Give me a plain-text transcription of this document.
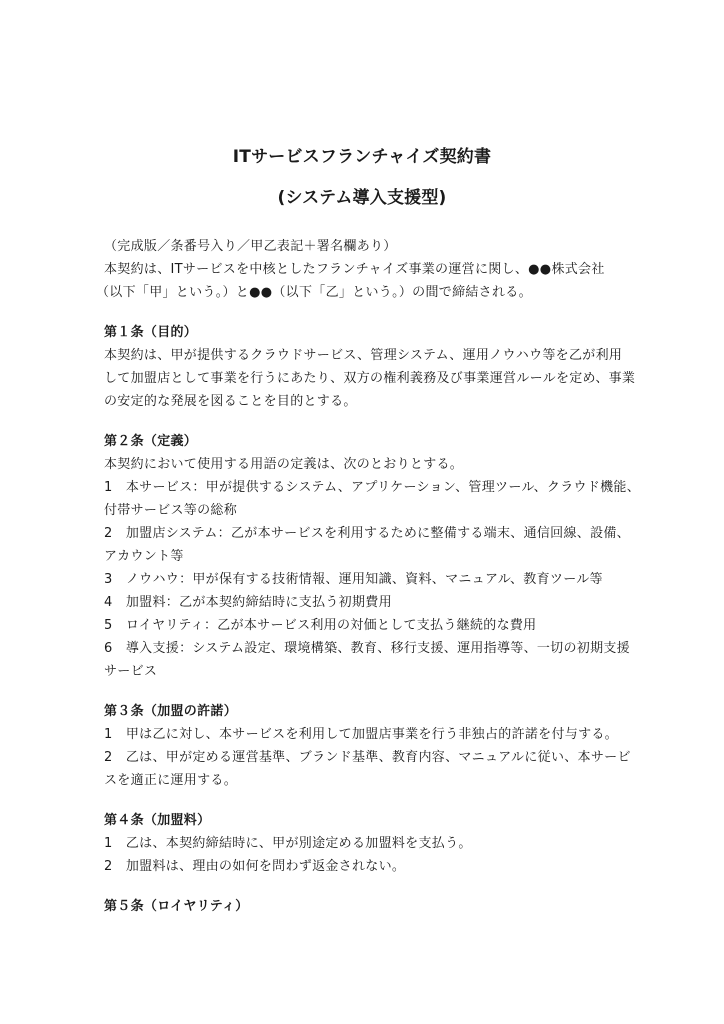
ITサービスフランチャイズ契約書
(システム導入支援型)
（完成版／条番号入り／甲乙表記＋署名欄あり）
本契約は、ITサービスを中核としたフランチャイズ事業の運営に関し、●●株式会社
（以下「甲」という。）と●●（以下「乙」という。）の間で締結される。
第１条（目的）
本契約は、甲が提供するクラウドサービス、管理システム、運用ノウハウ等を乙が利用
して加盟店として事業を行うにあたり、双方の権利義務及び事業運営ルールを定め、事業
の安定的な発展を図ることを目的とする。
第２条（定義）
本契約において使用する用語の定義は、次のとおりとする。
1　本サービス：甲が提供するシステム、アプリケーション、管理ツール、クラウド機能、
付帯サービス等の総称
2　加盟店システム：乙が本サービスを利用するために整備する端末、通信回線、設備、
アカウント等
3　ノウハウ：甲が保有する技術情報、運用知識、資料、マニュアル、教育ツール等
4　加盟料：乙が本契約締結時に支払う初期費用
5　ロイヤリティ：乙が本サービス利用の対価として支払う継続的な費用
6　導入支援：システム設定、環境構築、教育、移行支援、運用指導等、一切の初期支援
サービス
第３条（加盟の許諾）
1　甲は乙に対し、本サービスを利用して加盟店事業を行う非独占的許諾を付与する。
2　乙は、甲が定める運営基準、ブランド基準、教育内容、マニュアルに従い、本サービ
スを適正に運用する。
第４条（加盟料）
1　乙は、本契約締結時に、甲が別途定める加盟料を支払う。
2　加盟料は、理由の如何を問わず返金されない。
第５条（ロイヤリティ）
